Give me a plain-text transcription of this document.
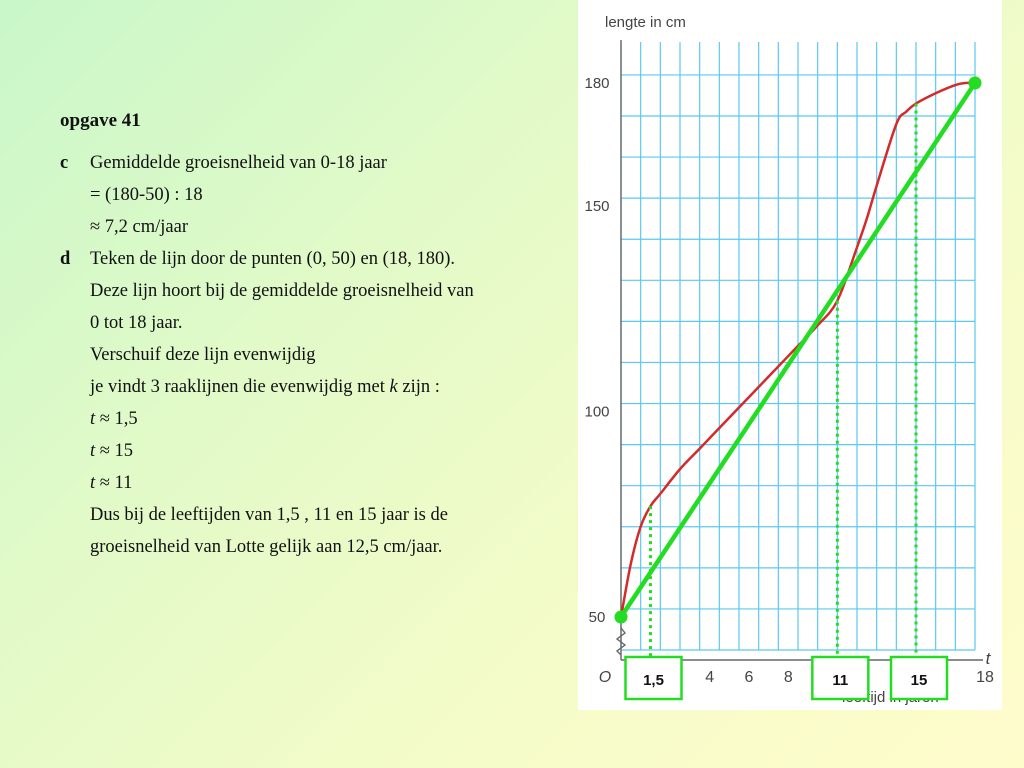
opgave 41
c Gemiddelde groeisnelheid van 0-18 jaar
= (180-50) : 18
≈ 7,2 cm/jaar
d Teken de lijn door de punten (0, 50) en (18, 180).
Deze lijn hoort bij de gemiddelde groeisnelheid van
0 tot 18 jaar.
Verschuif deze lijn evenwijdig
je vindt 3 raaklijnen die evenwijdig met k zijn :
t ≈ 1,5
t ≈ 15
t ≈ 11
Dus bij de leeftijden van 1,5 , 11 en 15 jaar is de
groeisnelheid van Lotte gelijk aan 12,5 cm/jaar.
lengte in cm
50
100
150
180
O	4 6 8	18
t
1,5	11	15
